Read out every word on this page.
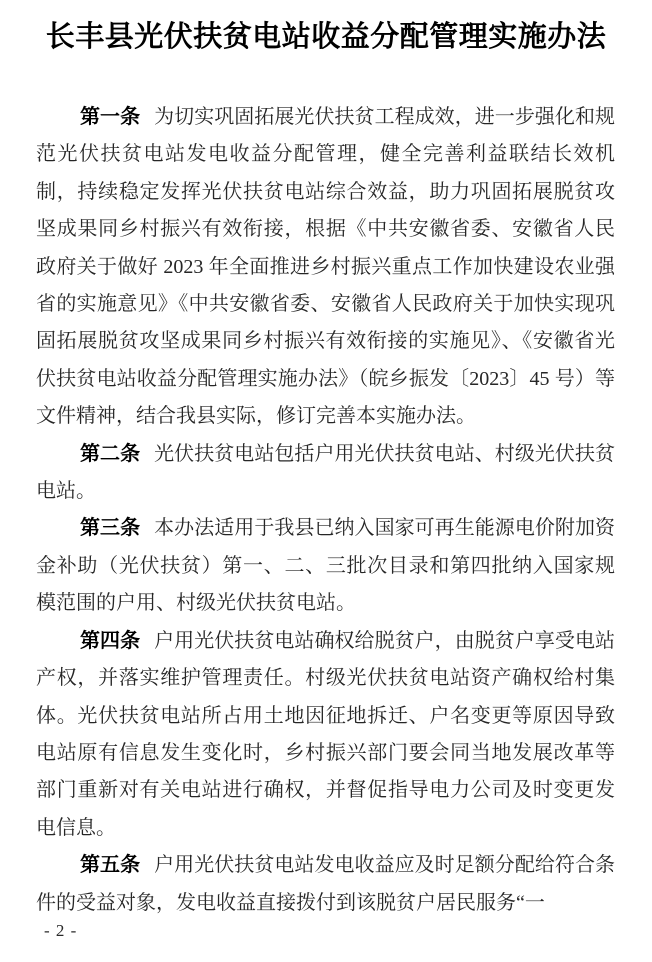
长丰县光伏扶贫电站收益分配管理实施办法

第一条 为切实巩固拓展光伏扶贫工程成效，进一步强化和规范光伏扶贫电站发电收益分配管理，健全完善利益联结长效机制，持续稳定发挥光伏扶贫电站综合效益，助力巩固拓展脱贫攻坚成果同乡村振兴有效衔接，根据《中共安徽省委、安徽省人民政府关于做好 2023 年全面推进乡村振兴重点工作加快建设农业强省的实施意见》《中共安徽省委、安徽省人民政府关于加快实现巩固拓展脱贫攻坚成果同乡村振兴有效衔接的实施见》、《安徽省光伏扶贫电站收益分配管理实施办法》（皖乡振发〔2023〕45 号）等文件精神，结合我县实际，修订完善本实施办法。

第二条 光伏扶贫电站包括户用光伏扶贫电站、村级光伏扶贫电站。

第三条 本办法适用于我县已纳入国家可再生能源电价附加资金补助（光伏扶贫）第一、二、三批次目录和第四批纳入国家规模范围的户用、村级光伏扶贫电站。

第四条 户用光伏扶贫电站确权给脱贫户，由脱贫户享受电站产权，并落实维护管理责任。村级光伏扶贫电站资产确权给村集体。光伏扶贫电站所占用土地因征地拆迁、户名变更等原因导致电站原有信息发生变化时，乡村振兴部门要会同当地发展改革等部门重新对有关电站进行确权，并督促指导电力公司及时变更发电信息。

第五条 户用光伏扶贫电站发电收益应及时足额分配给符合条件的受益对象，发电收益直接拨付到该脱贫户居民服务“一

- 2 -
